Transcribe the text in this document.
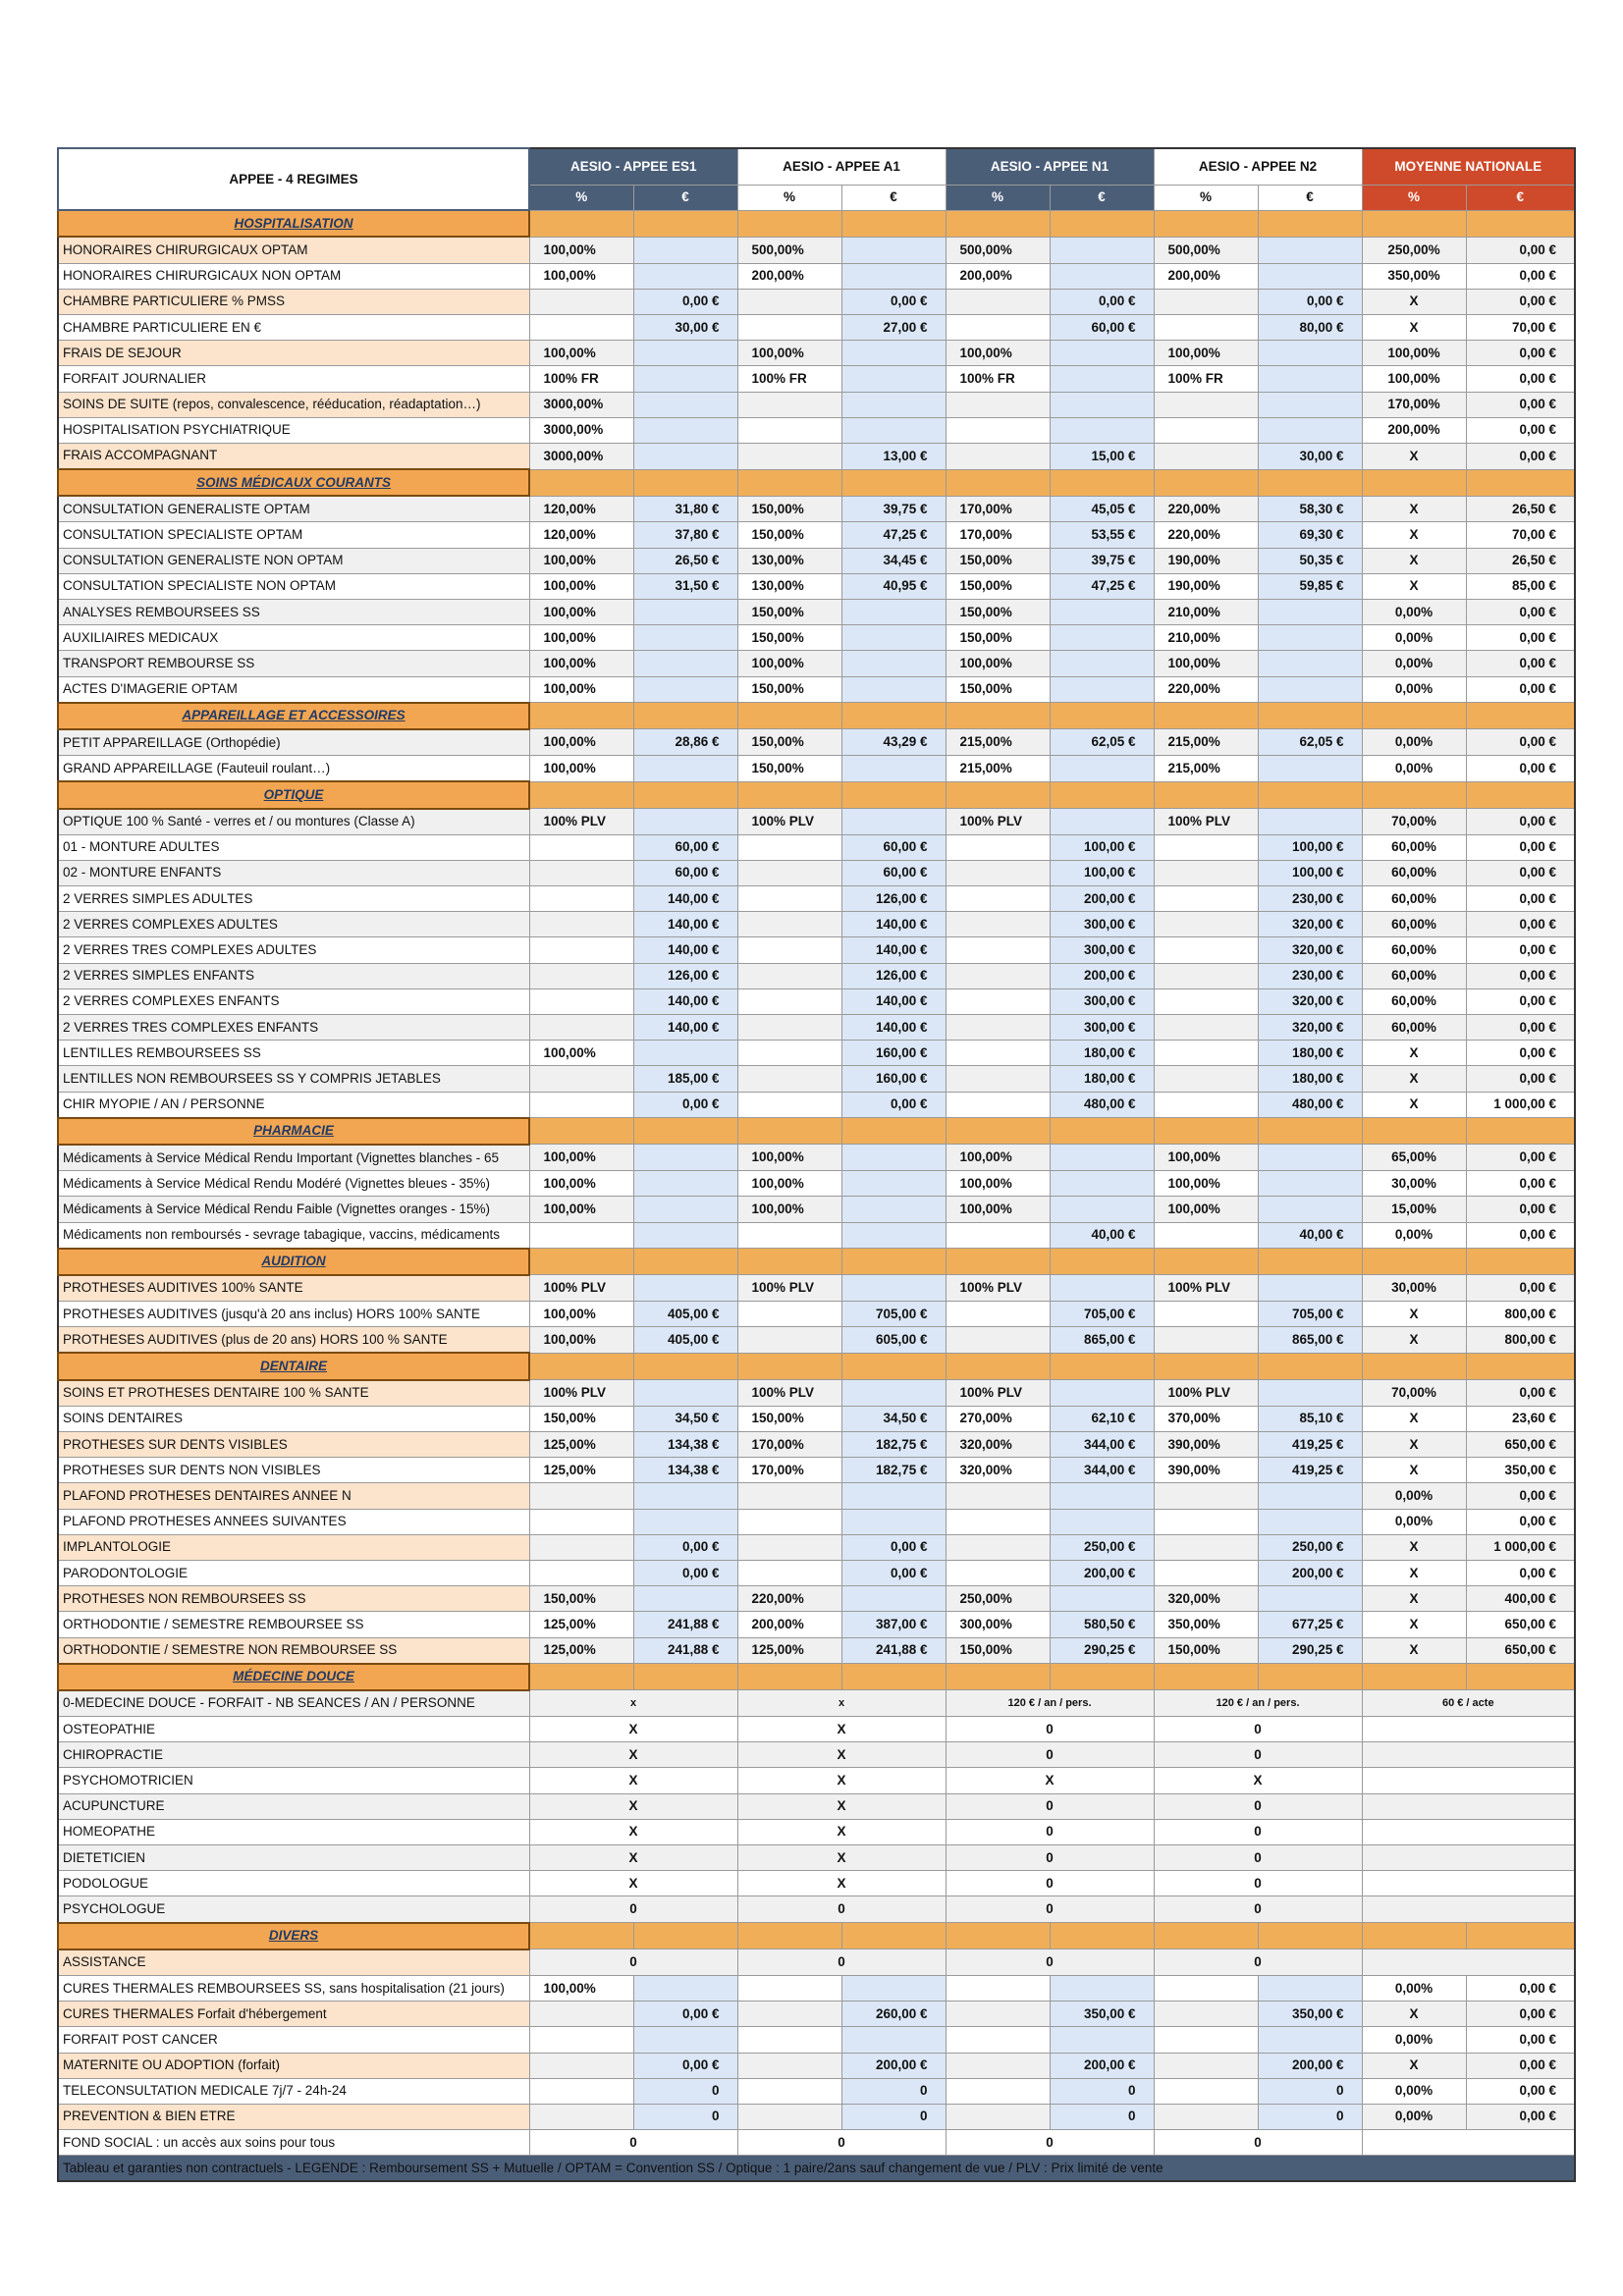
APPEE - 4 REGIMES	AESIO - APPEE ES1		AESIO - APPEE A1		AESIO - APPEE N1		AESIO - APPEE N2		MOYENNE NATIONALE	
	%	€	%	€	%	€	%	€	%	€
HOSPITALISATION										
HONORAIRES CHIRURGICAUX OPTAM	100,00%		500,00%		500,00%		500,00%		250,00%	0,00 €
HONORAIRES CHIRURGICAUX NON OPTAM	100,00%		200,00%		200,00%		200,00%		350,00%	0,00 €
CHAMBRE PARTICULIERE % PMSS		0,00 €		0,00 €		0,00 €		0,00 €	X	0,00 €
CHAMBRE PARTICULIERE EN €		30,00 €		27,00 €		60,00 €		80,00 €	X	70,00 €
FRAIS DE SEJOUR	100,00%		100,00%		100,00%		100,00%		100,00%	0,00 €
FORFAIT JOURNALIER	100% FR		100% FR		100% FR		100% FR		100,00%	0,00 €
SOINS DE SUITE (repos, convalescence, rééducation, réadaptation…)	3000,00%								170,00%	0,00 €
HOSPITALISATION PSYCHIATRIQUE	3000,00%								200,00%	0,00 €
FRAIS ACCOMPAGNANT	3000,00%			13,00 €		15,00 €		30,00 €	X	0,00 €
SOINS MÉDICAUX COURANTS										
CONSULTATION GENERALISTE OPTAM	120,00%	31,80 €	150,00%	39,75 €	170,00%	45,05 €	220,00%	58,30 €	X	26,50 €
CONSULTATION SPECIALISTE OPTAM	120,00%	37,80 €	150,00%	47,25 €	170,00%	53,55 €	220,00%	69,30 €	X	70,00 €
CONSULTATION GENERALISTE NON OPTAM	100,00%	26,50 €	130,00%	34,45 €	150,00%	39,75 €	190,00%	50,35 €	X	26,50 €
CONSULTATION SPECIALISTE NON OPTAM	100,00%	31,50 €	130,00%	40,95 €	150,00%	47,25 €	190,00%	59,85 €	X	85,00 €
ANALYSES REMBOURSEES SS	100,00%		150,00%		150,00%		210,00%		0,00%	0,00 €
AUXILIAIRES MEDICAUX	100,00%		150,00%		150,00%		210,00%		0,00%	0,00 €
TRANSPORT REMBOURSE SS	100,00%		100,00%		100,00%		100,00%		0,00%	0,00 €
ACTES D'IMAGERIE OPTAM	100,00%		150,00%		150,00%		220,00%		0,00%	0,00 €
APPAREILLAGE ET ACCESSOIRES										
PETIT APPAREILLAGE (Orthopédie)	100,00%	28,86 €	150,00%	43,29 €	215,00%	62,05 €	215,00%	62,05 €	0,00%	0,00 €
GRAND APPAREILLAGE (Fauteuil roulant…)	100,00%		150,00%		215,00%		215,00%		0,00%	0,00 €
OPTIQUE										
OPTIQUE 100 % Santé - verres et / ou montures (Classe A)	100% PLV		100% PLV		100% PLV		100% PLV		70,00%	0,00 €
01 - MONTURE ADULTES		60,00 €		60,00 €		100,00 €		100,00 €	60,00%	0,00 €
02 - MONTURE ENFANTS		60,00 €		60,00 €		100,00 €		100,00 €	60,00%	0,00 €
2 VERRES SIMPLES ADULTES		140,00 €		126,00 €		200,00 €		230,00 €	60,00%	0,00 €
2 VERRES COMPLEXES ADULTES		140,00 €		140,00 €		300,00 €		320,00 €	60,00%	0,00 €
2 VERRES TRES COMPLEXES ADULTES		140,00 €		140,00 €		300,00 €		320,00 €	60,00%	0,00 €
2 VERRES SIMPLES ENFANTS		126,00 €		126,00 €		200,00 €		230,00 €	60,00%	0,00 €
2 VERRES COMPLEXES ENFANTS		140,00 €		140,00 €		300,00 €		320,00 €	60,00%	0,00 €
2 VERRES TRES COMPLEXES ENFANTS		140,00 €		140,00 €		300,00 €		320,00 €	60,00%	0,00 €
LENTILLES REMBOURSEES SS	100,00%			160,00 €		180,00 €		180,00 €	X	0,00 €
LENTILLES NON REMBOURSEES SS Y COMPRIS JETABLES		185,00 €		160,00 €		180,00 €		180,00 €	X	0,00 €
CHIR MYOPIE / AN / PERSONNE		0,00 €		0,00 €		480,00 €		480,00 €	X	1 000,00 €
PHARMACIE										
Médicaments à Service Médical Rendu Important (Vignettes blanches - 65	100,00%		100,00%		100,00%		100,00%		65,00%	0,00 €
Médicaments à Service Médical Rendu Modéré (Vignettes bleues - 35%)	100,00%		100,00%		100,00%		100,00%		30,00%	0,00 €
Médicaments à Service Médical Rendu Faible (Vignettes oranges - 15%)	100,00%		100,00%		100,00%		100,00%		15,00%	0,00 €
Médicaments non remboursés - sevrage tabagique, vaccins, médicaments						40,00 €		40,00 €	0,00%	0,00 €
AUDITION										
PROTHESES AUDITIVES 100% SANTE	100% PLV		100% PLV		100% PLV		100% PLV		30,00%	0,00 €
PROTHESES AUDITIVES (jusqu'à 20 ans inclus) HORS 100% SANTE	100,00%	405,00 €		705,00 €		705,00 €		705,00 €	X	800,00 €
PROTHESES AUDITIVES (plus de 20 ans) HORS 100 % SANTE	100,00%	405,00 €		605,00 €		865,00 €		865,00 €	X	800,00 €
DENTAIRE										
SOINS ET PROTHESES DENTAIRE 100 % SANTE	100% PLV		100% PLV		100% PLV		100% PLV		70,00%	0,00 €
SOINS DENTAIRES	150,00%	34,50 €	150,00%	34,50 €	270,00%	62,10 €	370,00%	85,10 €	X	23,60 €
PROTHESES SUR DENTS VISIBLES	125,00%	134,38 €	170,00%	182,75 €	320,00%	344,00 €	390,00%	419,25 €	X	650,00 €
PROTHESES SUR DENTS NON VISIBLES	125,00%	134,38 €	170,00%	182,75 €	320,00%	344,00 €	390,00%	419,25 €	X	350,00 €
PLAFOND PROTHESES DENTAIRES ANNEE N									0,00%	0,00 €
PLAFOND PROTHESES ANNEES SUIVANTES									0,00%	0,00 €
IMPLANTOLOGIE		0,00 €		0,00 €		250,00 €		250,00 €	X	1 000,00 €
PARODONTOLOGIE		0,00 €		0,00 €		200,00 €		200,00 €	X	0,00 €
PROTHESES NON REMBOURSEES SS	150,00%		220,00%		250,00%		320,00%		X	400,00 €
ORTHODONTIE / SEMESTRE REMBOURSEE SS	125,00%	241,88 €	200,00%	387,00 €	300,00%	580,50 €	350,00%	677,25 €	X	650,00 €
ORTHODONTIE / SEMESTRE NON REMBOURSEE SS	125,00%	241,88 €	125,00%	241,88 €	150,00%	290,25 €	150,00%	290,25 €	X	650,00 €
MÉDECINE DOUCE										
0-MEDECINE DOUCE - FORFAIT - NB SEANCES / AN / PERSONNE	x		x		120 € / an / pers.		120 € / an / pers.		60 € / acte	
OSTEOPATHIE	X		X		0		0			
CHIROPRACTIE	X		X		0		0			
PSYCHOMOTRICIEN	X		X		X		X			
ACUPUNCTURE	X		X		0		0			
HOMEOPATHE	X		X		0		0			
DIETETICIEN	X		X		0		0			
PODOLOGUE	X		X		0		0			
PSYCHOLOGUE	0		0		0		0			
DIVERS										
ASSISTANCE	0		0		0		0			
CURES THERMALES REMBOURSEES SS, sans hospitalisation (21 jours)	100,00%								0,00%	0,00 €
CURES THERMALES Forfait d'hébergement		0,00 €		260,00 €		350,00 €		350,00 €	X	0,00 €
FORFAIT POST CANCER									0,00%	0,00 €
MATERNITE OU ADOPTION (forfait)		0,00 €		200,00 €		200,00 €		200,00 €	X	0,00 €
TELECONSULTATION MEDICALE 7j/7 - 24h-24		0		0		0		0	0,00%	0,00 €
PREVENTION & BIEN ETRE		0		0		0		0	0,00%	0,00 €
FOND SOCIAL : un accès aux soins pour tous	0		0		0		0			
Tableau et garanties non contractuels - LEGENDE : Remboursement SS + Mutuelle / OPTAM = Convention SS / Optique : 1 paire/2ans sauf changement de vue / PLV : Prix limité de vente										
